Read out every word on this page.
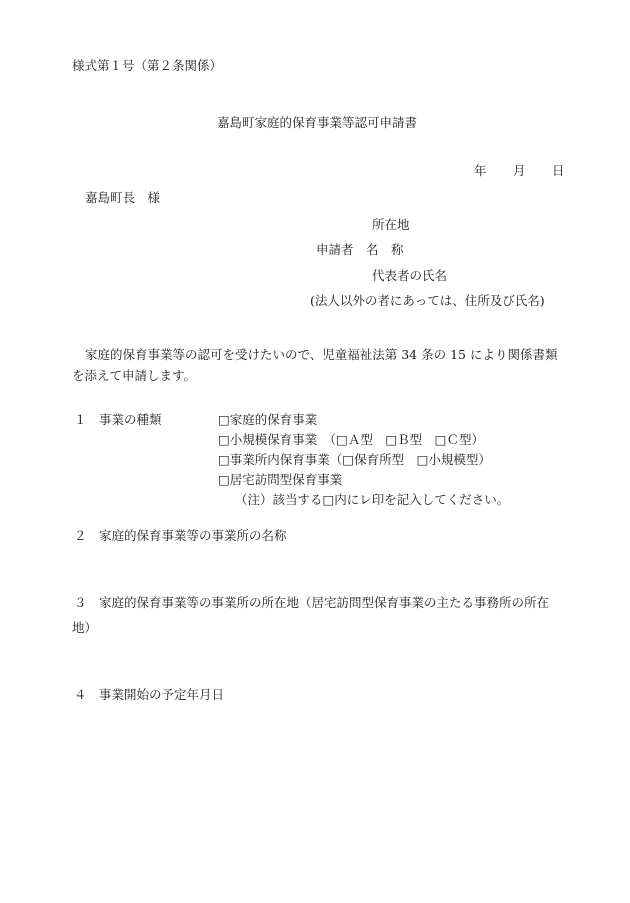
様式第１号（第２条関係）
嘉島町家庭的保育事業等認可申請書
年 月 日
嘉島町長　様
所在地
申請者　名　称
代表者の氏名
(法人以外の者にあっては、住所及び氏名)
家庭的保育事業等の認可を受けたいので、児童福祉法第 34 条の 15 により関係書類
を添えて申請します。
１ 事業の種類	□家庭的保育事業
□小規模保育事業　（□Ａ型　□Ｂ型　□Ｃ型）
□事業所内保育事業（□保育所型　□小規模型）
□居宅訪問型保育事業
（注）該当する□内にレ印を記入してください。
２ 家庭的保育事業等の事業所の名称
３ 家庭的保育事業等の事業所の所在地（居宅訪問型保育事業の主たる事務所の所在
地）
４ 事業開始の予定年月日
